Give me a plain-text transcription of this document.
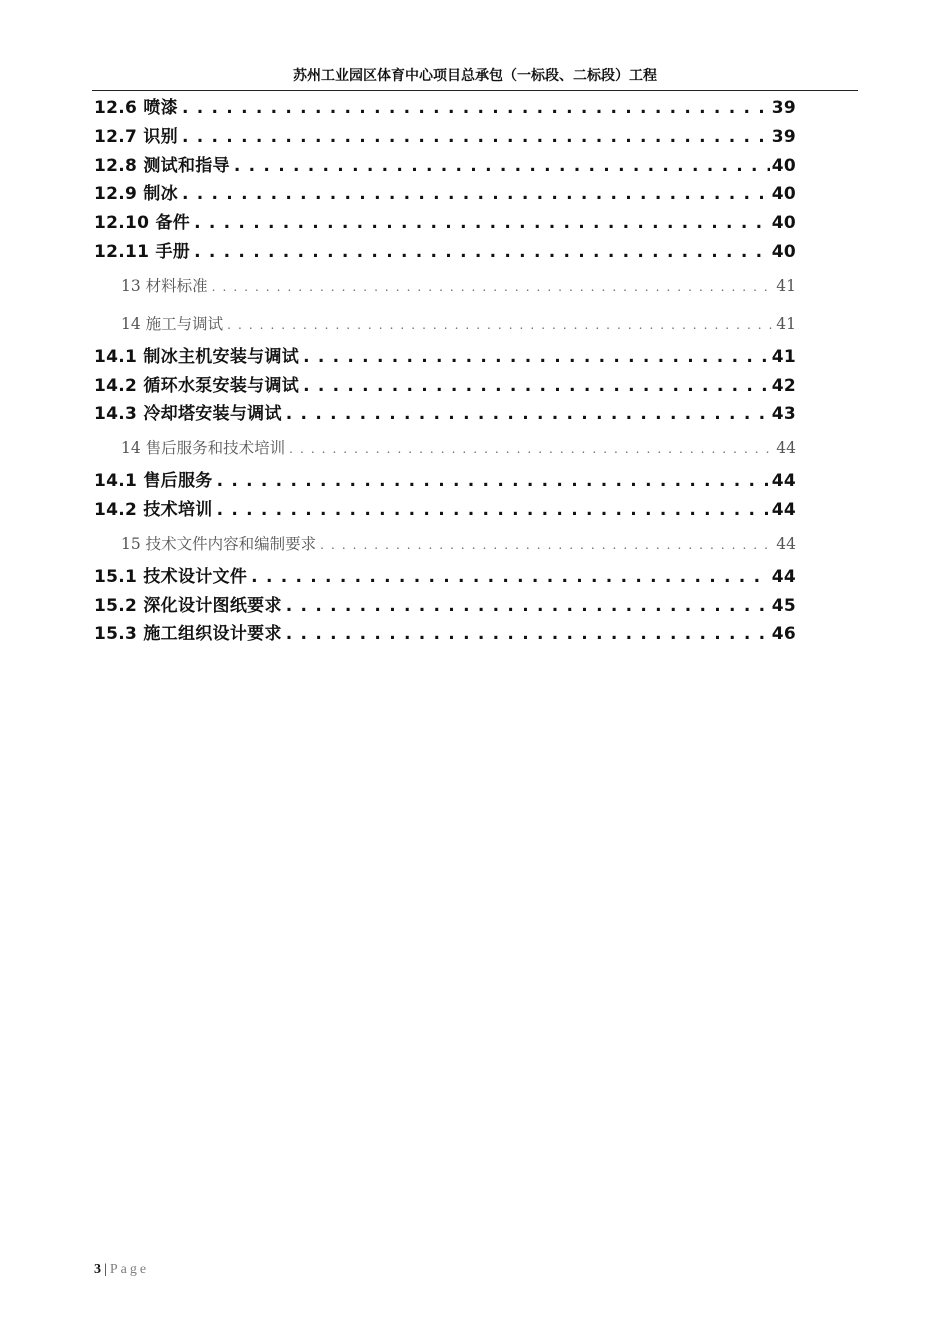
苏州工业园区体育中心项目总承包（一标段、二标段）工程
12.6 喷漆 . . .	39
12.7 识别 . . .	39
12.8 测试和指导 . . .	40
12.9 制冰 . . .	40
12.10 备件 . . .	40
12.11 手册 . . .	40
13 材料标准 . . .	41
14 施工与调试 . . .	41
14.1 制冰主机安装与调试 . . .	41
14.2 循环水泵安装与调试 . . .	42
14.3 冷却塔安装与调试 . . .	43
14 售后服务和技术培训 . . .	44
14.1 售后服务 . . .	44
14.2 技术培训 . . .	44
15 技术文件内容和编制要求 . . .	44
15.1 技术设计文件 . . .	44
15.2 深化设计图纸要求 . . .	45
15.3 施工组织设计要求 . . .	46
3 | Page
